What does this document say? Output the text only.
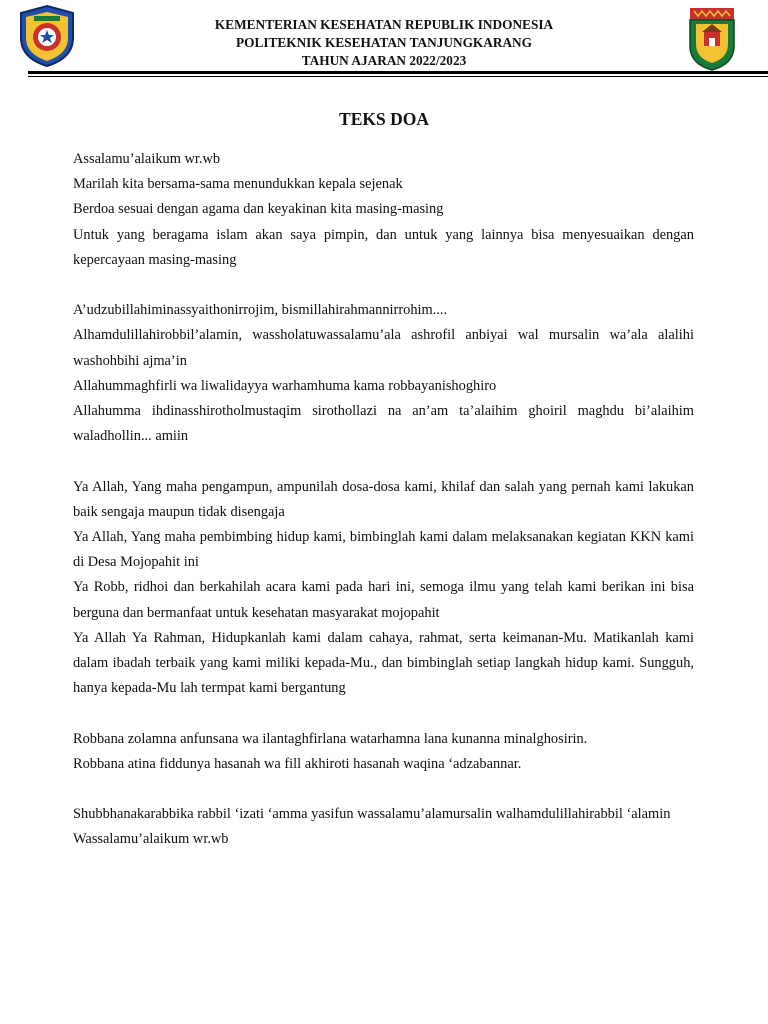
KEMENTERIAN KESEHATAN REPUBLIK INDONESIA
POLITEKNIK KESEHATAN TANJUNGKARANG
TAHUN AJARAN 2022/2023
TEKS DOA

Assalamu’alaikum wr.wb

Marilah kita bersama-sama menundukkan kepala sejenak

Berdoa sesuai dengan agama dan keyakinan kita masing-masing

Untuk yang beragama islam akan saya pimpin, dan untuk yang lainnya bisa menyesuaikan dengan kepercayaan masing-masing

A’udzubillahiminassyaithonirrojim, bismillahirahmannirrohim....

Alhamdulillahirobbil’alamin, wassholatuwassalamu’ala ashrofil anbiyai wal mursalin wa’ala alalihi washohbihi ajma’in

Allahummaghfirli wa liwalidayya warhamhuma kama robbayanishoghiro

Allahumma ihdinasshirotholmustaqim sirothollazi na an’am ta’alaihim ghoiril maghdu bi’alaihim waladhollin... amiin

Ya Allah, Yang maha pengampun, ampunilah dosa-dosa kami, khilaf dan salah yang pernah kami lakukan baik sengaja maupun tidak disengaja

Ya Allah, Yang maha pembimbing hidup kami, bimbinglah kami dalam melaksanakan kegiatan KKN kami di Desa Mojopahit ini

Ya Robb, ridhoi dan berkahilah acara kami pada hari ini, semoga ilmu yang telah kami berikan ini bisa berguna dan bermanfaat untuk kesehatan masyarakat mojopahit

Ya Allah Ya Rahman, Hidupkanlah kami dalam cahaya, rahmat, serta keimanan-Mu. Matikanlah kami dalam ibadah terbaik yang kami miliki kepada-Mu., dan bimbinglah setiap langkah hidup kami. Sungguh, hanya kepada-Mu lah termpat kami bergantung

Robbana zolamna anfunsana wa ilantaghfirlana watarhamna lana kunanna minalghosirin.

Robbana atina fiddunya hasanah wa fill akhiroti hasanah waqina ‘adzabannar.

Shubbhanakarabbika rabbil ‘izati ‘amma yasifun wassalamu’alamursalin walhamdulillahirabbil ‘alamin

Wassalamu’alaikum wr.wb
